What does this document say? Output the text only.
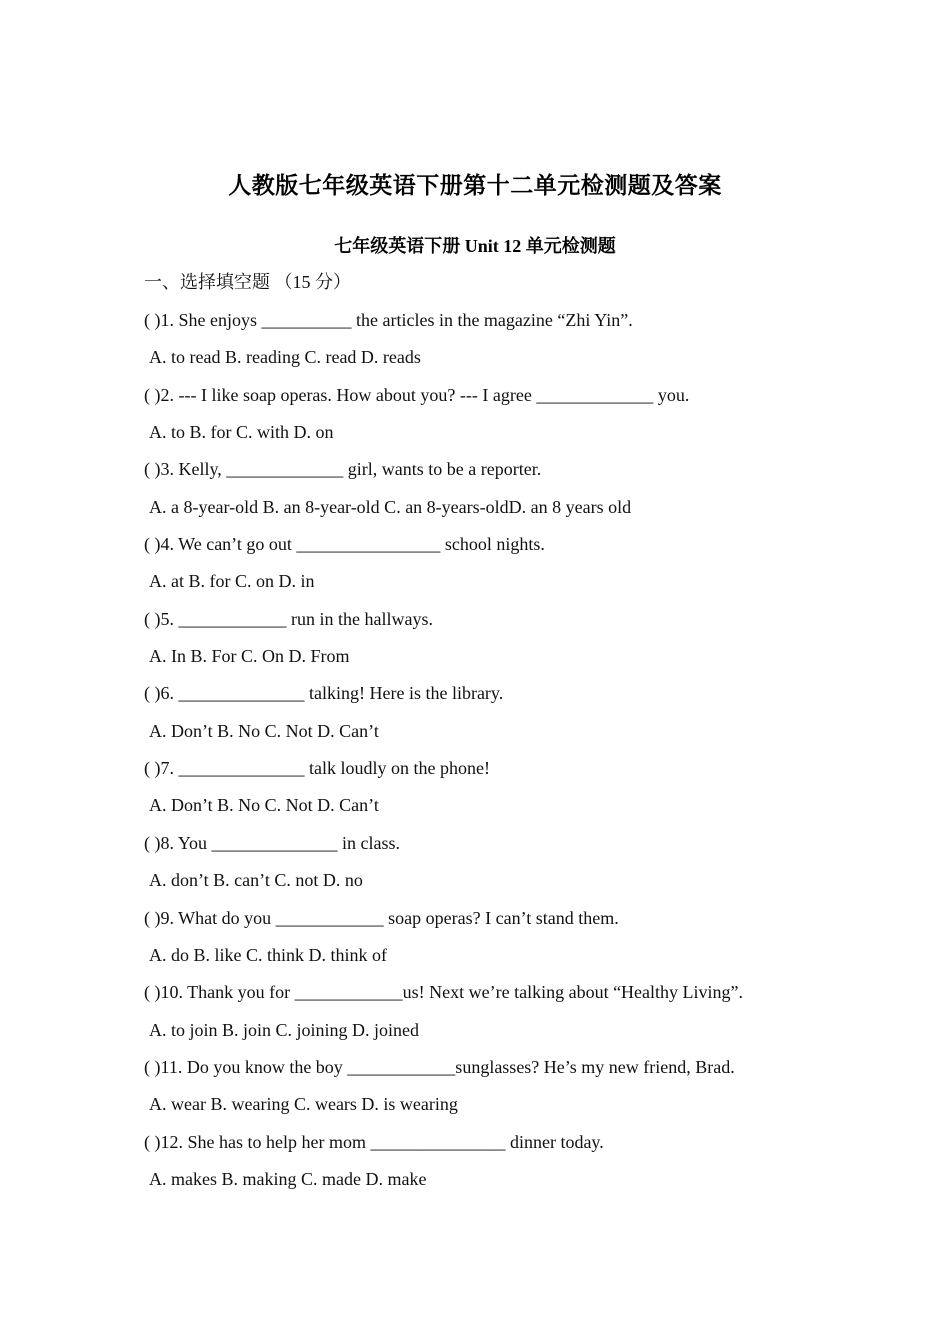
人教版七年级英语下册第十二单元检测题及答案
七年级英语下册 Unit 12 单元检测题
一、选择填空题 （15 分）
( )1. She enjoys __________ the articles in the magazine “Zhi Yin”.
A. to read B. reading C. read D. reads
( )2. --- I like soap operas. How about you? --- I agree _____________ you.
A. to B. for C. with D. on
( )3. Kelly, _____________ girl, wants to be a reporter.
A. a 8-year-old B. an 8-year-old C. an 8-years-oldD. an 8 years old
( )4. We can’t go out ________________ school nights.
A. at B. for C. on D. in
( )5. ____________ run in the hallways.
A. In B. For C. On D. From
( )6. ______________ talking! Here is the library.
A. Don’t B. No C. Not D. Can’t
( )7. ______________ talk loudly on the phone!
A. Don’t B. No C. Not D. Can’t
( )8. You ______________ in class.
A. don’t B. can’t C. not D. no
( )9. What do you ____________ soap operas? I can’t stand them.
A. do B. like C. think D. think of
( )10. Thank you for ____________us! Next we’re talking about “Healthy Living”.
A. to join B. join C. joining D. joined
( )11. Do you know the boy ____________sunglasses? He’s my new friend, Brad.
A. wear B. wearing C. wears D. is wearing
( )12. She has to help her mom _______________ dinner today.
A. makes B. making C. made D. make
